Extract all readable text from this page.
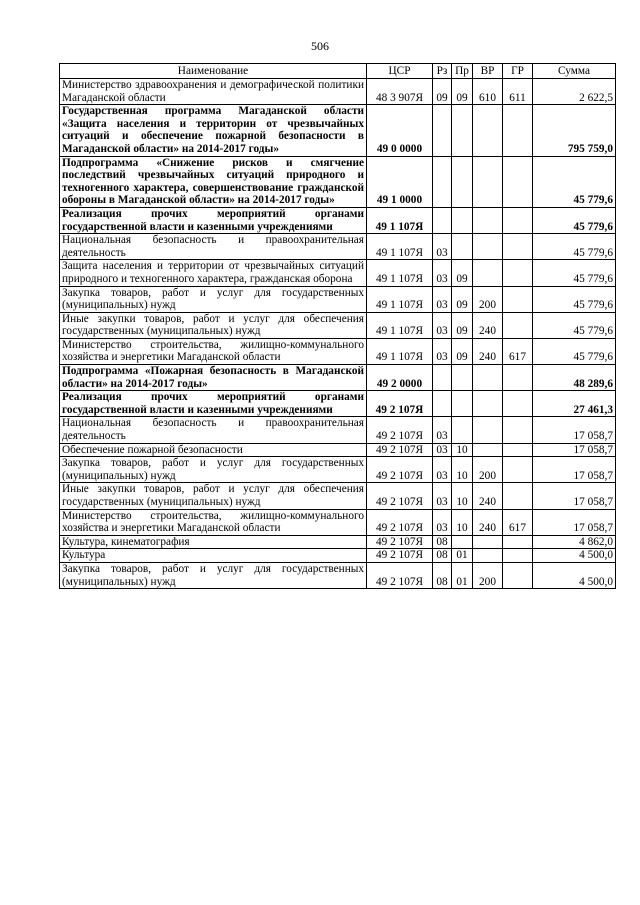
506
Наименование	ЦСР	Рз	Пр	ВР	ГР	Сумма
Министерство здравоохранения и демографической политики Магаданской области	48 3 907Я	09	09	610	611	2 622,5
Государственная программа Магаданской области «Защита населения и территорин от чрезвычайных ситуаций и обеспечение пожарной безопасности в Магаданской области» на 2014-2017 годы»	49 0 0000					795 759,0
Подпрограмма «Снижение рисков и смягчение последствий чрезвычайных ситуаций природного и техногенного характера, совершенствование гражданской обороны в Магаданской области» на 2014-2017 годы»	49 1 0000					45 779,6
Реализация прочих мероприятий органами государственной власти и казенными учреждениями	49 1 107Я					45 779,6
Национальная безопасность и правоохранительная деятельность	49 1 107Я	03				45 779,6
Защита населения и территории от чрезвычайных ситуаций природного и техногенного характера, гражданская оборона	49 1 107Я	03	09			45 779,6
Закупка товаров, работ и услуг для государственных (муниципальных) нужд	49 1 107Я	03	09	200		45 779,6
Иные закупки товаров, работ и услуг для обеспечения государственных (муниципальных) нужд	49 1 107Я	03	09	240		45 779,6
Министерство строительства, жилищно-коммунального хозяйства и энергетики Магаданской области	49 1 107Я	03	09	240	617	45 779,6
Подпрограмма «Пожарная безопасность в Магаданской области» на 2014-2017 годы»	49 2 0000					48 289,6
Реализация прочих мероприятий органами государственной власти и казенными учреждениями	49 2 107Я					27 461,3
Национальная безопасность и правоохранительная деятельность	49 2 107Я	03				17 058,7
Обеспечение пожарной безопасности	49 2 107Я	03	10			17 058,7
Закупка товаров, работ и услуг для государственных (муниципальных) нужд	49 2 107Я	03	10	200		17 058,7
Иные закупки товаров, работ и услуг для обеспечения государственных (муниципальных) нужд	49 2 107Я	03	10	240		17 058,7
Министерство строительства, жилищно-коммунального хозяйства и энергетики Магаданской области	49 2 107Я	03	10	240	617	17 058,7
Культура, кинематография	49 2 107Я	08				4 862,0
Культура	49 2 107Я	08	01			4 500,0
Закупка товаров, работ и услуг для государственных (муниципальных) нужд	49 2 107Я	08	01	200		4 500,0
